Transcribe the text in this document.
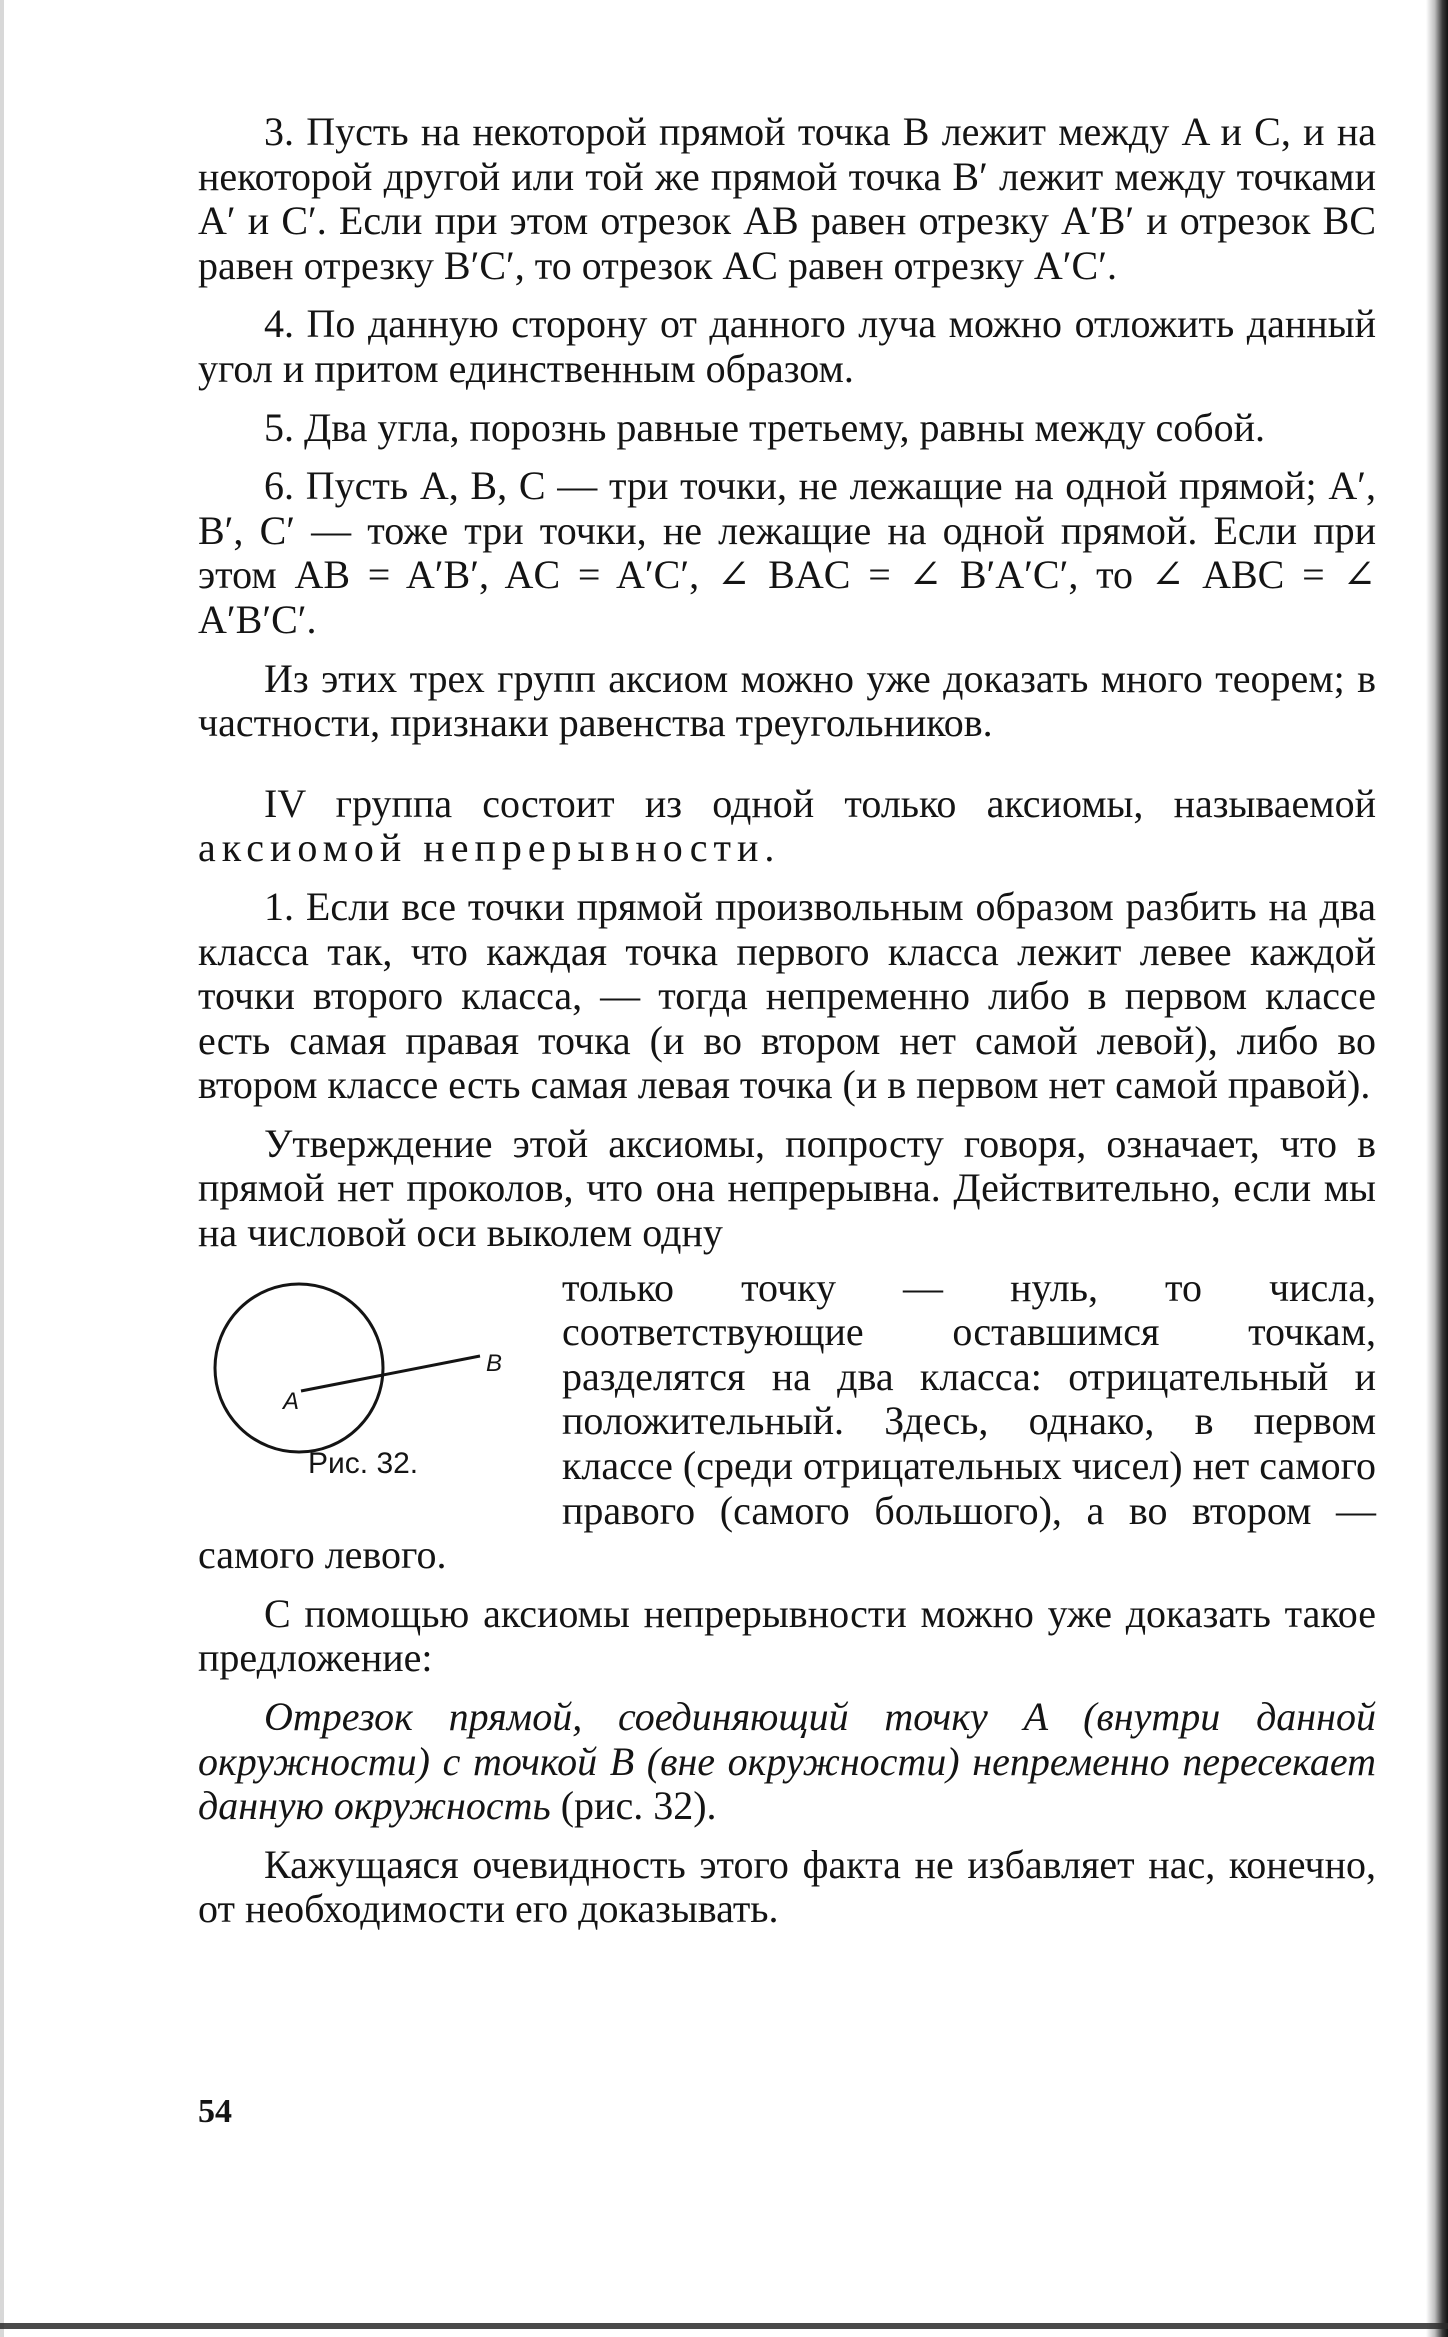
3. Пусть на некоторой прямой точка B лежит между A и C, и на некоторой другой или той же прямой точка B′ лежит между точками A′ и C′. Если при этом отрезок AB равен отрезку A′B′ и отрезок BC равен отрезку B′C′, то отрезок AC равен отрезку A′C′.

4. По данную сторону от данного луча можно отложить данный угол и притом единственным образом.

5. Два угла, порознь равные третьему, равны между собой.

6. Пусть A, B, C — три точки, не лежащие на одной прямой; A′, B′, C′ — тоже три точки, не лежащие на одной прямой. Если при этом AB = A′B′, AC = A′C′, ∠ BAC = ∠ B′A′C′, то ∠ ABC = ∠ A′B′C′.

Из этих трех групп аксиом можно уже доказать много теорем; в частности, признаки равенства треугольников.

IV группа состоит из одной только аксиомы, называемой аксиомой непрерывности.

1. Если все точки прямой произвольным образом разбить на два класса так, что каждая точка первого класса лежит левее каждой точки второго класса, — тогда непременно либо в первом классе есть самая правая точка (и во втором нет самой левой), либо во втором классе есть самая левая точка (и в первом нет самой правой).

Утверждение этой аксиомы, попросту говоря, означает, что в прямой нет проколов, что она непрерывна. Действительно, если мы на числовой оси выколем одну

A
B
Рис. 32.

только точку — нуль, то числа, соответствующие оставшимся точкам, разделятся на два класса: отрицательный и положительный. Здесь, однако, в первом классе (среди отрицательных чисел) нет самого правого (самого большого), а во втором — самого левого.

С помощью аксиомы непрерывности можно уже доказать такое предложение:

Отрезок прямой, соединяющий точку A (внутри данной окружности) с точкой B (вне окружности) непременно пересекает данную окружность (рис. 32).

Кажущаяся очевидность этого факта не избавляет нас, конечно, от необходимости его доказывать.

54
